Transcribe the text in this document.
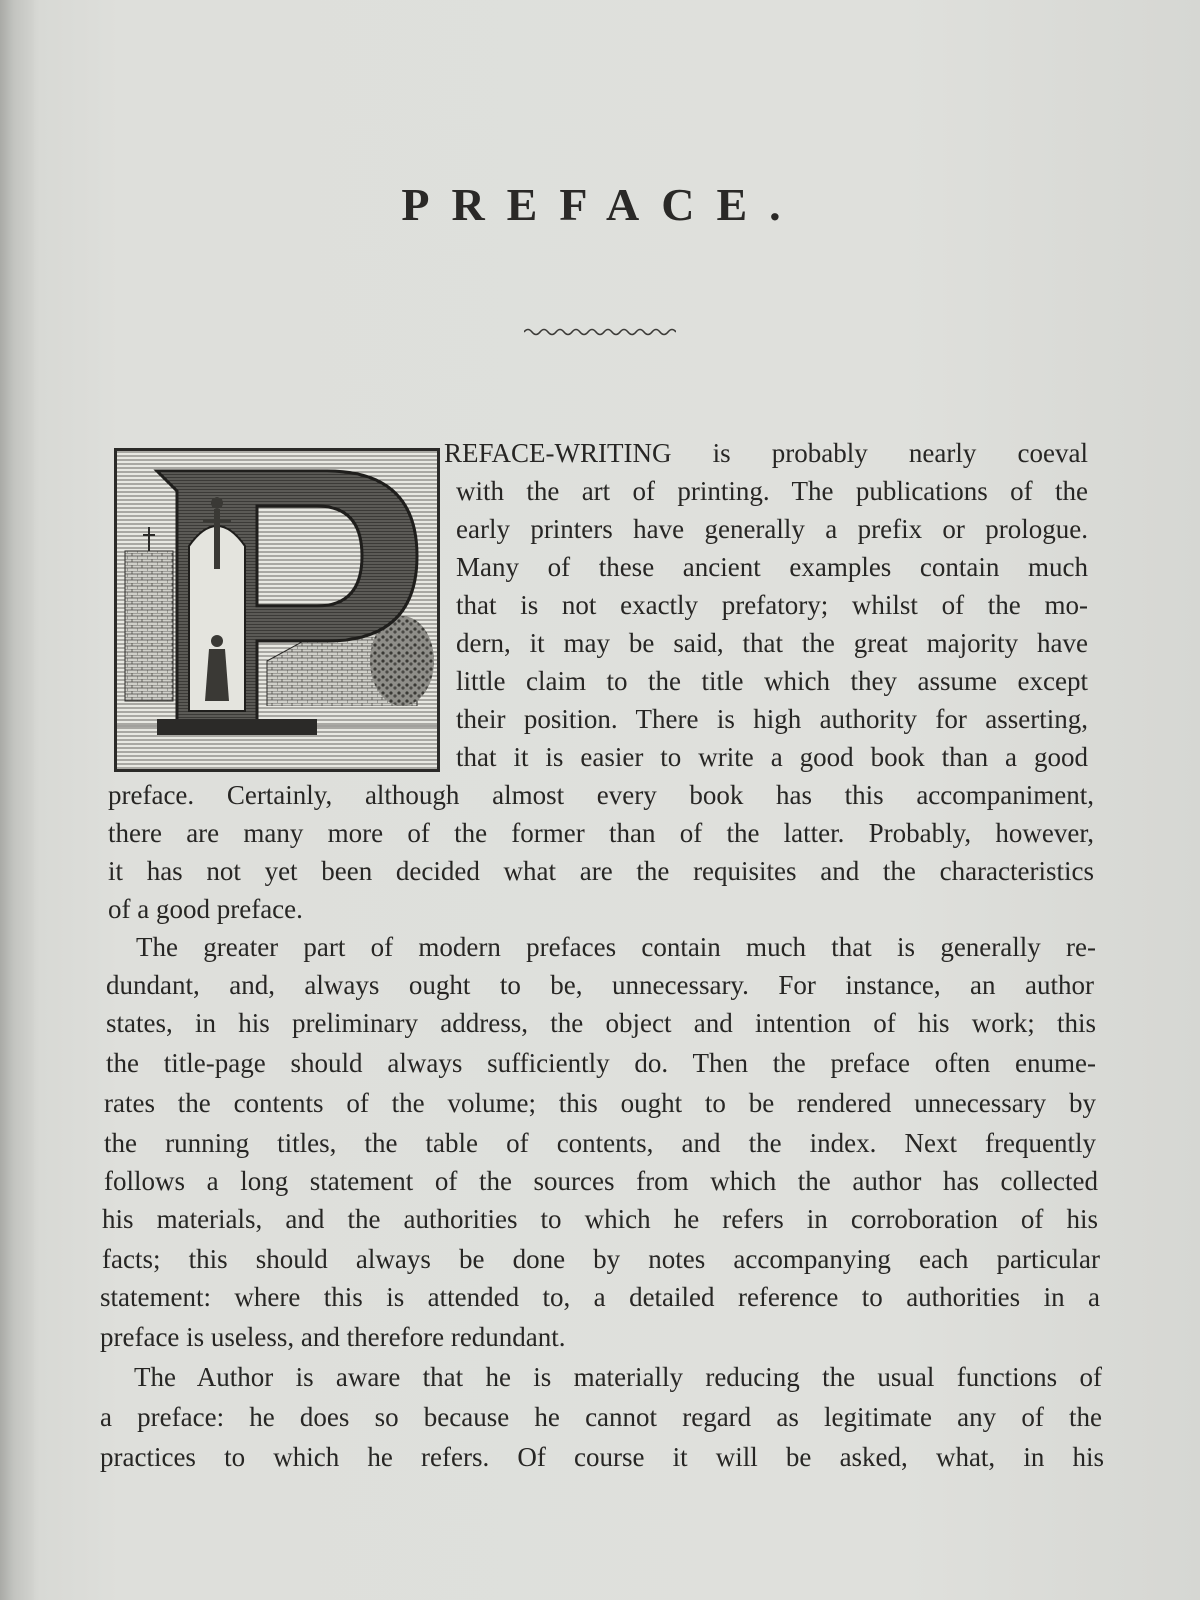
PREFACE.
REFACE-WRITING is probably nearly coeval
with the art of printing. The publications of the
early printers have generally a prefix or prologue.
Many of these ancient examples contain much
that is not exactly prefatory; whilst of the mo-
dern, it may be said, that the great majority have
little claim to the title which they assume except
their position. There is high authority for asserting,
that it is easier to write a good book than a good
preface. Certainly, although almost every book has this accompaniment,
there are many more of the former than of the latter. Probably, however,
it has not yet been decided what are the requisites and the characteristics
of a good preface.
The greater part of modern prefaces contain much that is generally re-
dundant, and, always ought to be, unnecessary. For instance, an author
states, in his preliminary address, the object and intention of his work; this
the title-page should always sufficiently do. Then the preface often enume-
rates the contents of the volume; this ought to be rendered unnecessary by
the running titles, the table of contents, and the index. Next frequently
follows a long statement of the sources from which the author has collected
his materials, and the authorities to which he refers in corroboration of his
facts; this should always be done by notes accompanying each particular
statement: where this is attended to, a detailed reference to authorities in a
preface is useless, and therefore redundant.
The Author is aware that he is materially reducing the usual functions of
a preface: he does so because he cannot regard as legitimate any of the
practices to which he refers. Of course it will be asked, what, in his
